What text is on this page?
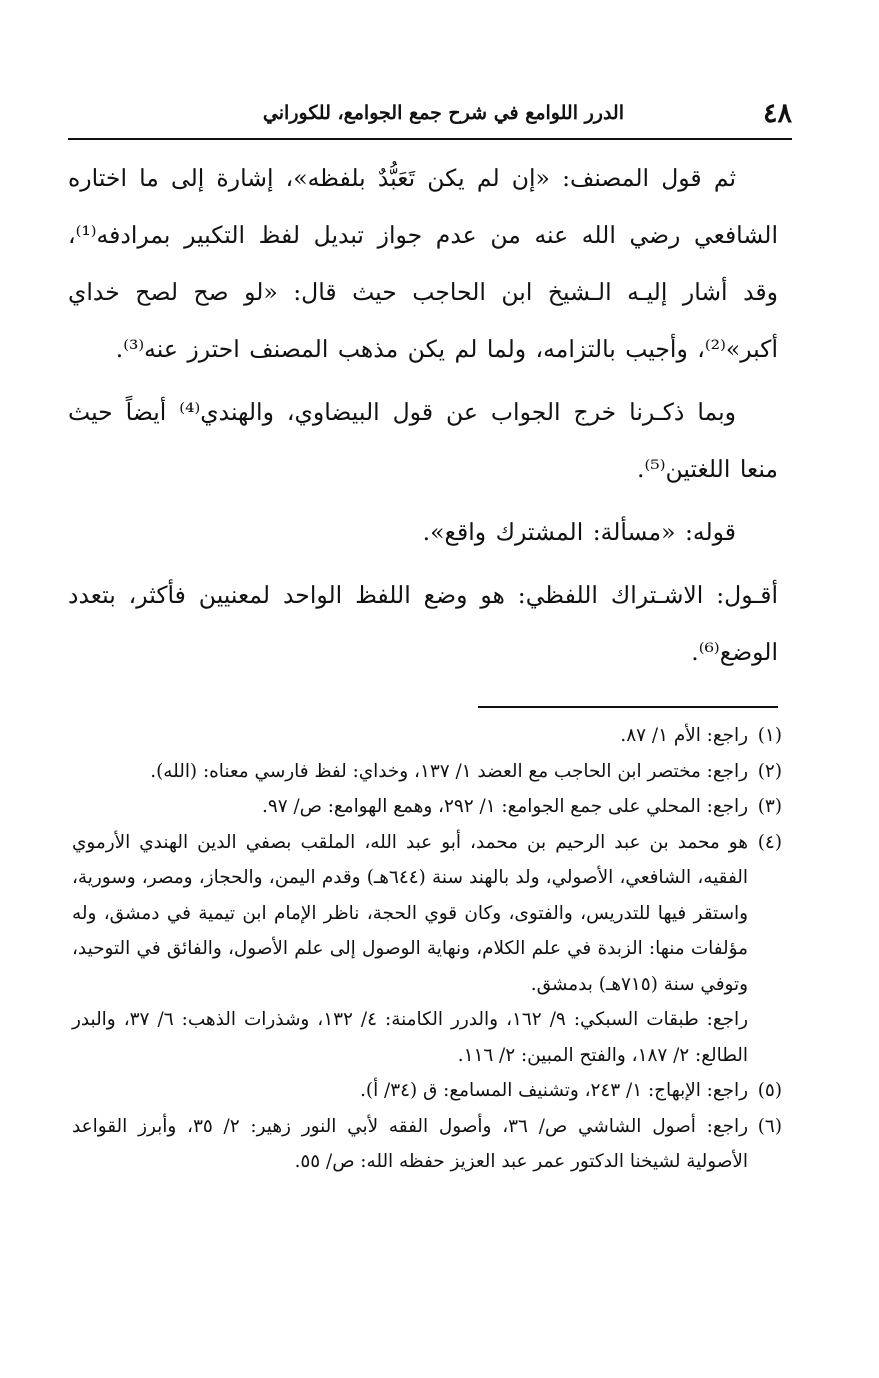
٤٨
الدرر اللوامع في شرح جمع الجوامع، للكوراني

ثم قول المصنف: «إن لم يكن تَعَبُّدٌ بلفظه»، إشارة إلى ما اختاره الشافعي رضي الله عنه من عدم جواز تبديل لفظ التكبير بمرادفه⁽¹⁾، وقد أشار إليـه الـشيخ ابن الحاجب حيث قال: «لو صح لصح خداي أكبر»⁽²⁾، وأجيب بالتزامه، ولما لم يكن مذهب المصنف احترز عنه⁽³⁾.

وبما ذكـرنا خرج الجواب عن قول البيضاوي، والهندي⁽⁴⁾ أيضاً حيث منعا اللغتين⁽⁵⁾.

قوله: «مسألة: المشترك واقع».

أقـول: الاشـتراك اللفظي: هو وضع اللفظ الواحد لمعنيين فأكثر، بتعدد الوضع⁽⁶⁾.

(١)
راجع: الأم ١/ ٨٧.

(٢)
راجع: مختصر ابن الحاجب مع العضد ١/ ١٣٧، وخداي: لفظ فارسي معناه: (الله).

(٣)
راجع: المحلي على جمع الجوامع: ١/ ٢٩٢، وهمع الهوامع: ص/ ٩٧.

(٤)
هو محمد بن عبد الرحيم بن محمد، أبو عبد الله، الملقب بصفي الدين الهندي الأرموي الفقيه، الشافعي، الأصولي، ولد بالهند سنة (٦٤٤هـ) وقدم اليمن، والحجاز، ومصر، وسورية، واستقر فيها للتدريس، والفتوى، وكان قوي الحجة، ناظر الإمام ابن تيمية في دمشق، وله مؤلفات منها: الزبدة في علم الكلام، ونهاية الوصول إلى علم الأصول، والفائق في التوحيد، وتوفي سنة (٧١٥هـ) بدمشق.

راجع: طبقات السبكي: ٩/ ١٦٢، والدرر الكامنة: ٤/ ١٣٢، وشذرات الذهب: ٦/ ٣٧، والبدر الطالع: ٢/ ١٨٧، والفتح المبين: ٢/ ١١٦.

(٥)
راجع: الإبهاج: ١/ ٢٤٣، وتشنيف المسامع: ق (٣٤/ أ).

(٦)
راجع: أصول الشاشي ص/ ٣٦، وأصول الفقه لأبي النور زهير: ٢/ ٣٥، وأبرز القواعد الأصولية لشيخنا الدكتور عمر عبد العزيز حفظه الله: ص/ ٥٥.
